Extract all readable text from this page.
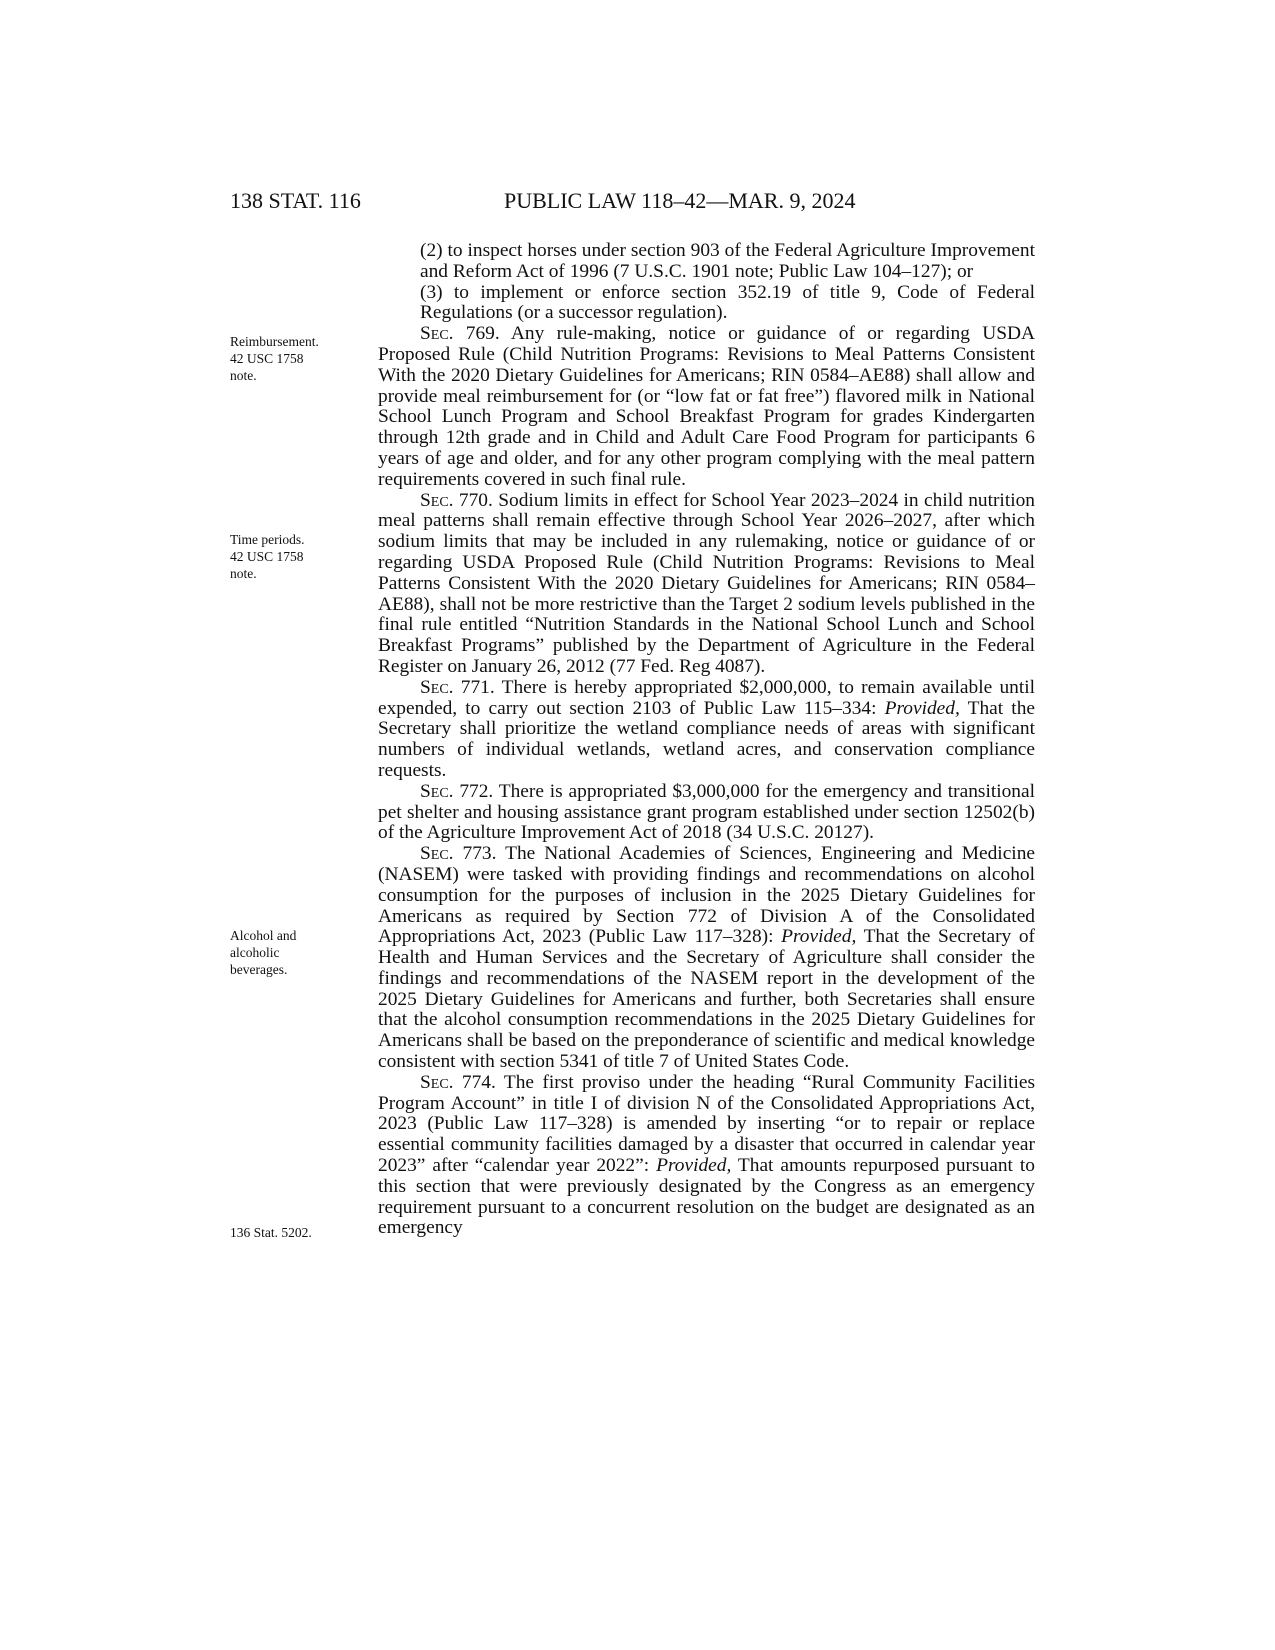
138 STAT. 116	PUBLIC LAW 118–42—MAR. 9, 2024
Reimbursement.
42 USC 1758
note.
Time periods.
42 USC 1758
note.
Alcohol and
alcoholic
beverages.
136 Stat. 5202.

(2) to inspect horses under section 903 of the Federal Agriculture Improvement and Reform Act of 1996 (7 U.S.C. 1901 note; Public Law 104–127); or

(3) to implement or enforce section 352.19 of title 9, Code of Federal Regulations (or a successor regulation).

Sec. 769. Any rule-making, notice or guidance of or regarding USDA Proposed Rule (Child Nutrition Programs: Revisions to Meal Patterns Consistent With the 2020 Dietary Guidelines for Americans; RIN 0584–AE88) shall allow and provide meal reimbursement for (or “low fat or fat free”) flavored milk in National School Lunch Program and School Breakfast Program for grades Kindergarten through 12th grade and in Child and Adult Care Food Program for participants 6 years of age and older, and for any other program complying with the meal pattern requirements covered in such final rule.

Sec. 770. Sodium limits in effect for School Year 2023–2024 in child nutrition meal patterns shall remain effective through School Year 2026–2027, after which sodium limits that may be included in any rulemaking, notice or guidance of or regarding USDA Proposed Rule (Child Nutrition Programs: Revisions to Meal Patterns Consistent With the 2020 Dietary Guidelines for Americans; RIN 0584–AE88), shall not be more restrictive than the Target 2 sodium levels published in the final rule entitled “Nutrition Standards in the National School Lunch and School Breakfast Programs” published by the Department of Agriculture in the Federal Register on January 26, 2012 (77 Fed. Reg 4087).

Sec. 771. There is hereby appropriated $2,000,000, to remain available until expended, to carry out section 2103 of Public Law 115–334: Provided, That the Secretary shall prioritize the wetland compliance needs of areas with significant numbers of individual wetlands, wetland acres, and conservation compliance requests.

Sec. 772. There is appropriated $3,000,000 for the emergency and transitional pet shelter and housing assistance grant program established under section 12502(b) of the Agriculture Improvement Act of 2018 (34 U.S.C. 20127).

Sec. 773. The National Academies of Sciences, Engineering and Medicine (NASEM) were tasked with providing findings and recommendations on alcohol consumption for the purposes of inclusion in the 2025 Dietary Guidelines for Americans as required by Section 772 of Division A of the Consolidated Appropriations Act, 2023 (Public Law 117–328): Provided, That the Secretary of Health and Human Services and the Secretary of Agriculture shall consider the findings and recommendations of the NASEM report in the development of the 2025 Dietary Guidelines for Americans and further, both Secretaries shall ensure that the alcohol consumption recommendations in the 2025 Dietary Guidelines for Americans shall be based on the preponderance of scientific and medical knowledge consistent with section 5341 of title 7 of United States Code.

Sec. 774. The first proviso under the heading “Rural Community Facilities Program Account” in title I of division N of the Consolidated Appropriations Act, 2023 (Public Law 117–328) is amended by inserting “or to repair or replace essential community facilities damaged by a disaster that occurred in calendar year 2023” after “calendar year 2022”: Provided, That amounts repurposed pursuant to this section that were previously designated by the Congress as an emergency requirement pursuant to a concurrent resolution on the budget are designated as an emergency
